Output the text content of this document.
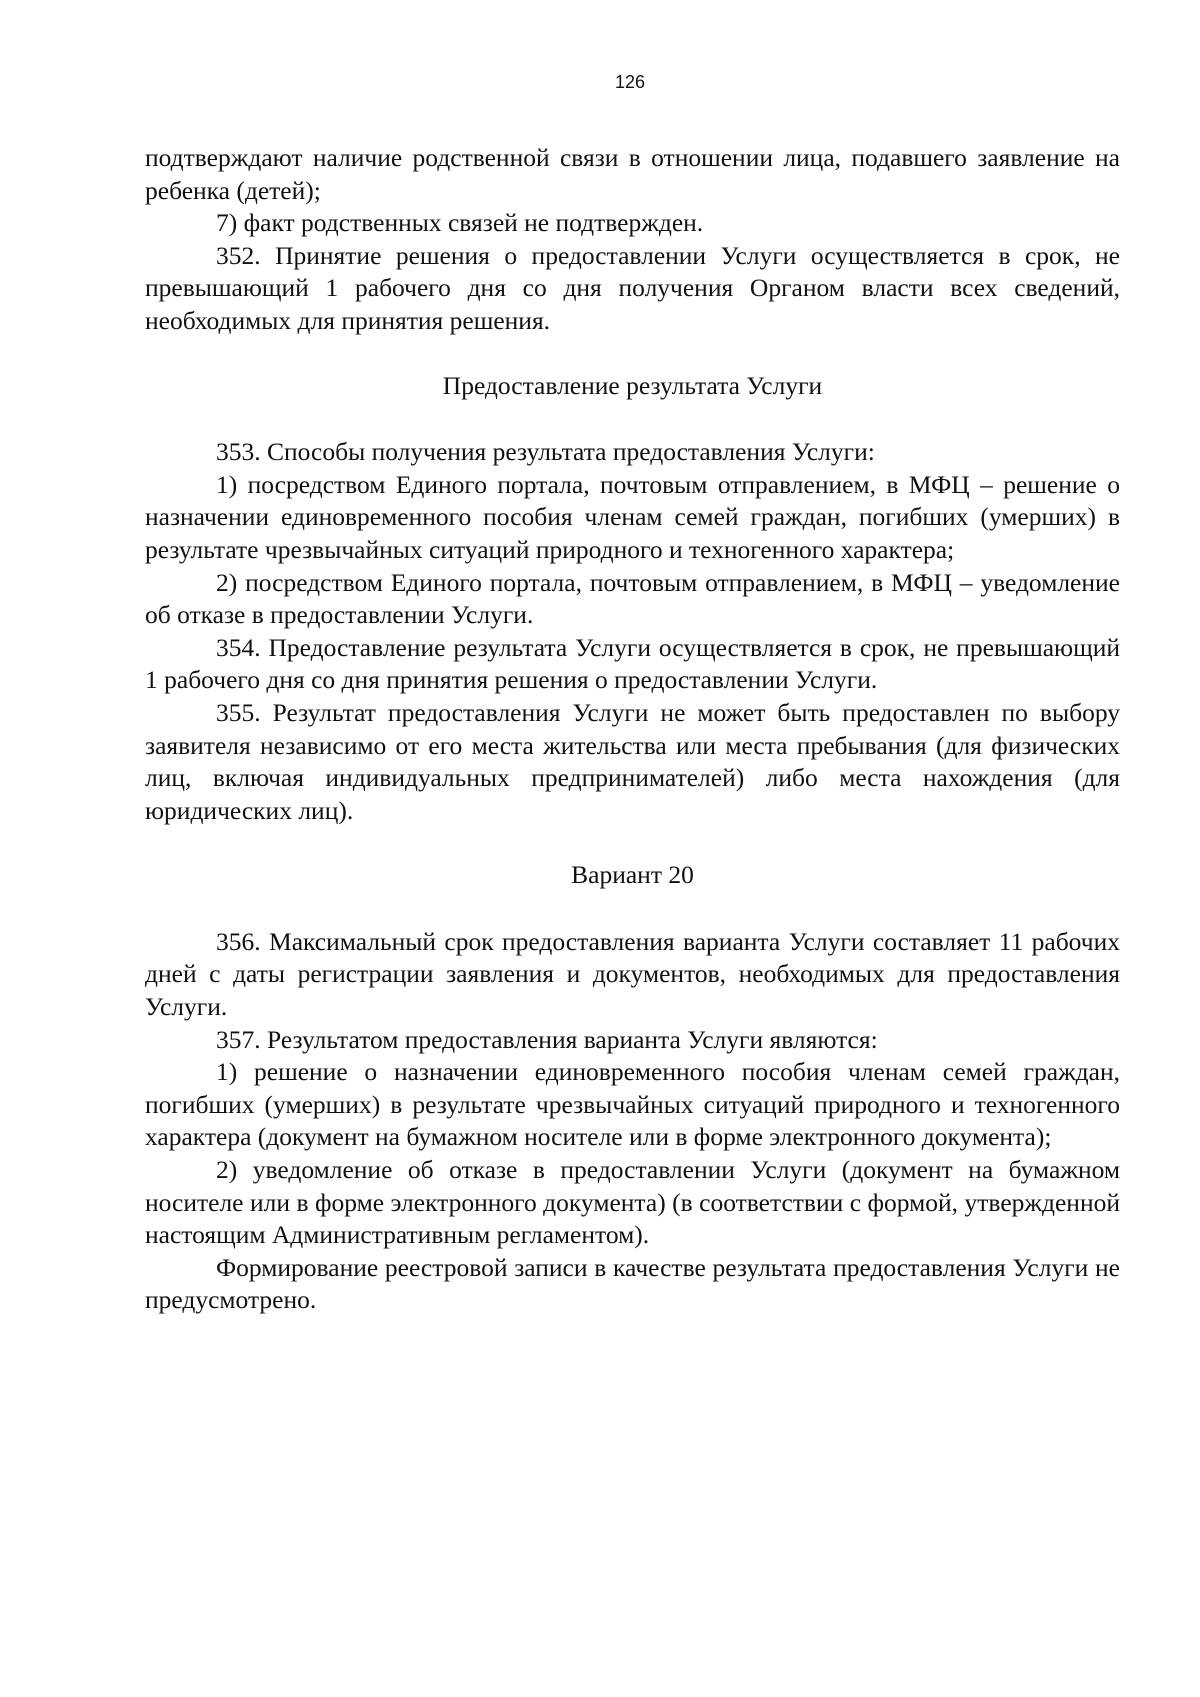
126

подтверждают наличие родственной связи в отношении лица, подавшего заявление на ребенка (детей);

7) факт родственных связей не подтвержден.

352. Принятие решения о предоставлении Услуги осуществляется в срок, не превышающий 1 рабочего дня со дня получения Органом власти всех сведений, необходимых для принятия решения.

Предоставление результата Услуги

353. Способы получения результата предоставления Услуги:

1) посредством Единого портала, почтовым отправлением, в МФЦ – решение о назначении единовременного пособия членам семей граждан, погибших (умерших) в результате чрезвычайных ситуаций природного и техногенного характера;

2) посредством Единого портала, почтовым отправлением, в МФЦ – уведомление об отказе в предоставлении Услуги.

354. Предоставление результата Услуги осуществляется в срок, не превышающий 1 рабочего дня со дня принятия решения о предоставлении Услуги.

355. Результат предоставления Услуги не может быть предоставлен по выбору заявителя независимо от его места жительства или места пребывания (для физических лиц, включая индивидуальных предпринимателей) либо места нахождения (для юридических лиц).

Вариант 20

356. Максимальный срок предоставления варианта Услуги составляет 11 рабочих дней с даты регистрации заявления и документов, необходимых для предоставления Услуги.

357. Результатом предоставления варианта Услуги являются:

1) решение о назначении единовременного пособия членам семей граждан, погибших (умерших) в результате чрезвычайных ситуаций природного и техногенного характера (документ на бумажном носителе или в форме электронного документа);

2) уведомление об отказе в предоставлении Услуги (документ на бумажном носителе или в форме электронного документа) (в соответствии с формой, утвержденной настоящим Административным регламентом).

Формирование реестровой записи в качестве результата предоставления Услуги не предусмотрено.
